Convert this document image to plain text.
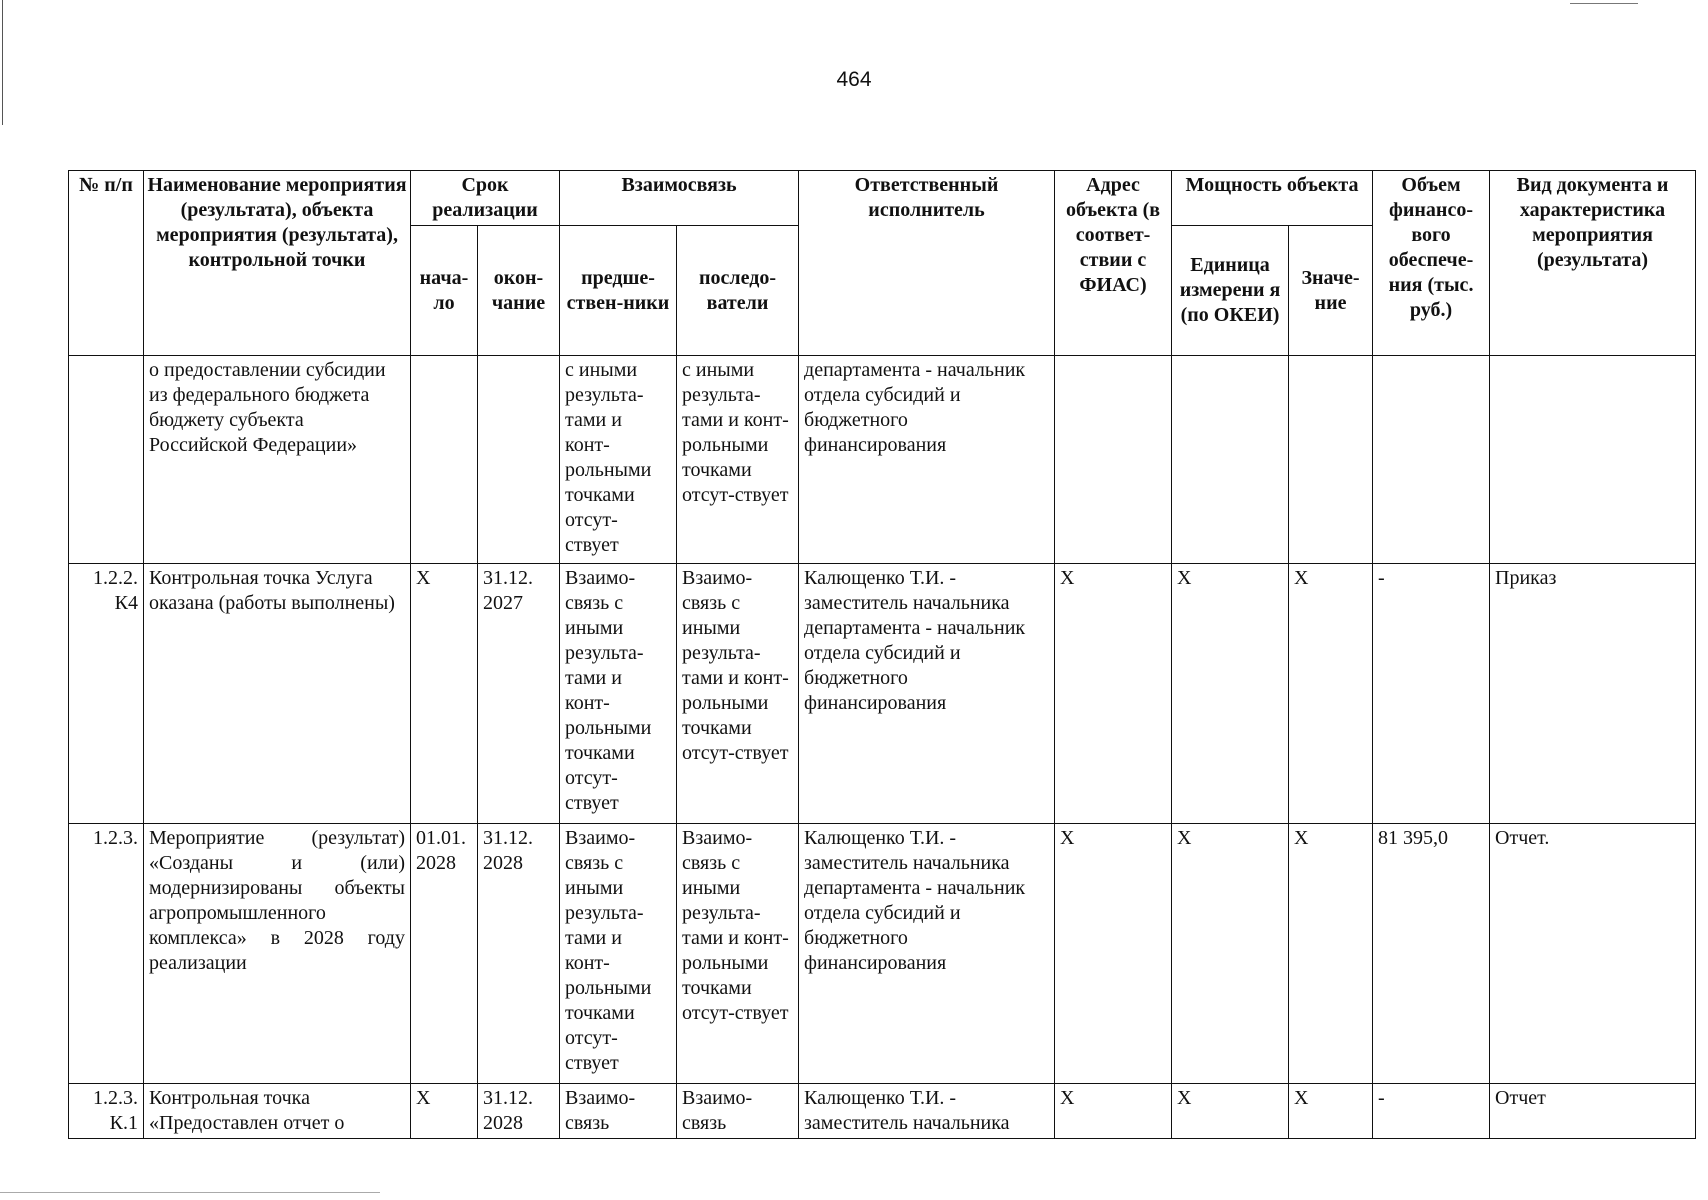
464
№ п/п	Наименование мероприятия (результата), объекта мероприятия (результата), контрольной точки	Срок реализации		Взаимосвязь		Ответственный исполнитель	Адрес объекта (в соответ-ствии с ФИАС)	Мощность объекта		Объем финансо-вого обеспече-ния (тыс. руб.)	Вид документа и характеристика мероприятия (результата)
		нача-ло	окон-чание	предше-ствен-ники	последо-ватели			Единица измерени я (по ОКЕИ)	Значе-ние		
	о предоставлении субсидии из федерального бюджета бюджету субъекта Российской Федерации»			с иными результа-тами и конт-рольными точками отсут-ствует	с иными результа-тами и конт-рольными точками отсут-ствует	департамента - начальник отдела субсидий и бюджетного финансирования					
1.2.2. К4	Контрольная точка Услуга оказана (работы выполнены)	X	31.12. 2027	Взаимо-связь с иными результа-тами и конт-рольными точками отсут-ствует	Взаимо-связь с иными результа-тами и конт-рольными точками отсут-ствует	Калющенко Т.И. - заместитель начальника департамента - начальник отдела субсидий и бюджетного финансирования	X	X	X	-	Приказ
1.2.3.	Мероприятие (результат) «Созданы и (или) модернизированы объекты агропромышленного комплекса» в 2028 году реализации	01.01. 2028	31.12. 2028	Взаимо-связь с иными результа-тами и конт-рольными точками отсут-ствует	Взаимо-связь с иными результа-тами и конт-рольными точками отсут-ствует	Калющенко Т.И. - заместитель начальника департамента - начальник отдела субсидий и бюджетного финансирования	X	X	X	81 395,0	Отчет.
1.2.3. К.1	Контрольная точка «Предоставлен отчет о	X	31.12. 2028	Взаимо-связь	Взаимо-связь	Калющенко Т.И. - заместитель начальника	X	X	X	-	Отчет
